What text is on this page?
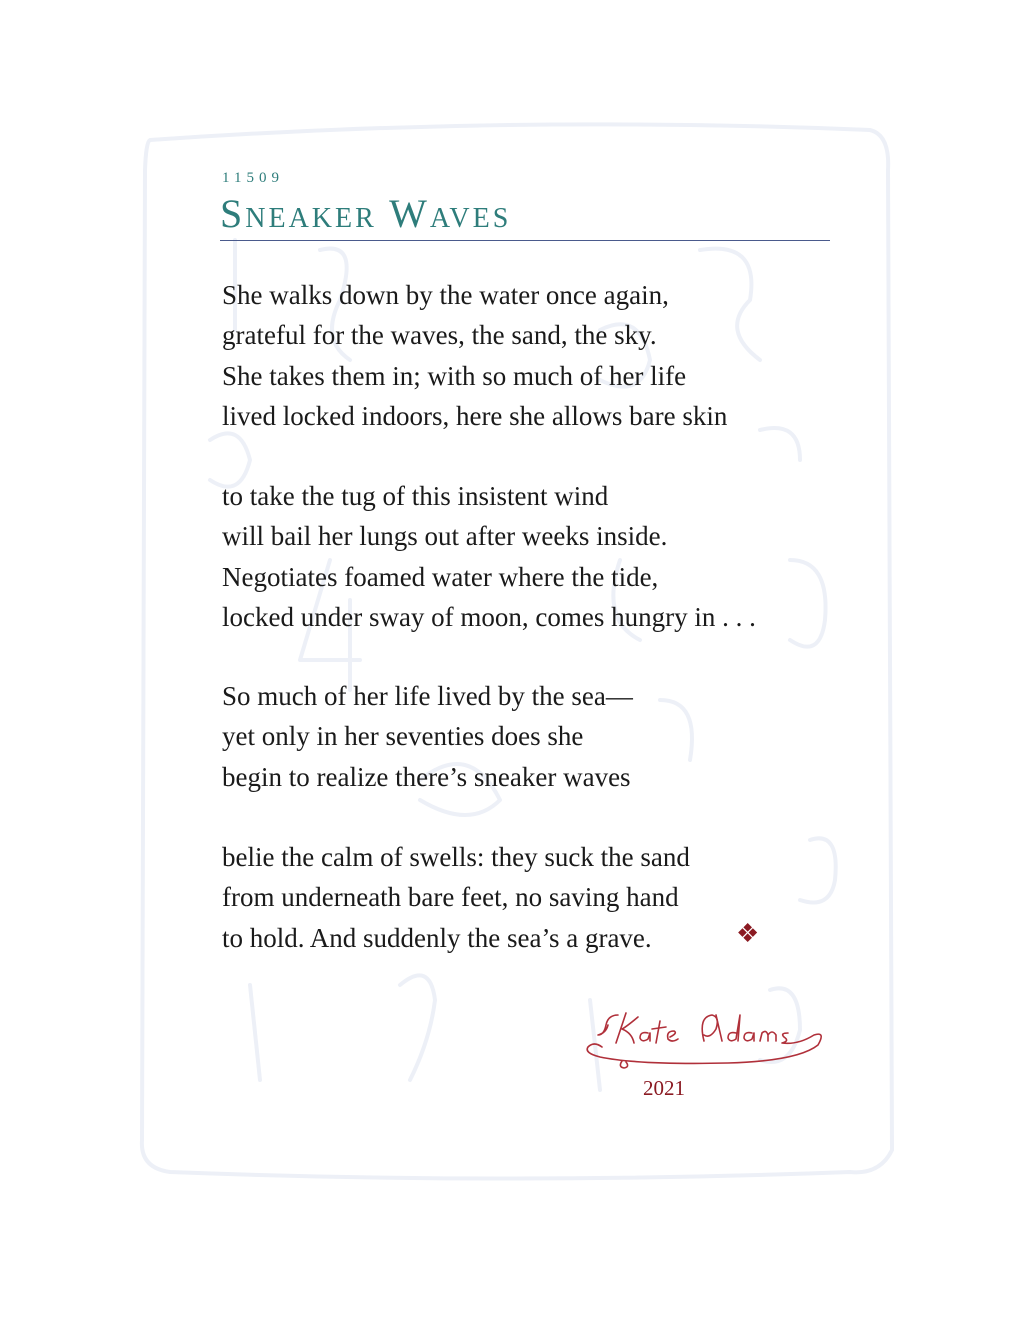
11509
Sneaker Waves

She walks down by the water once again,
grateful for the waves, the sand, the sky.
She takes them in; with so much of her life
lived locked indoors, here she allows bare skin

to take the tug of this insistent wind
will bail her lungs out after weeks inside.
Negotiates foamed water where the tide,
locked under sway of moon, comes hungry in . . .

So much of her life lived by the sea—
yet only in her seventies does she
begin to realize there’s sneaker waves

belie the calm of swells: they suck the sand
from underneath bare feet, no saving hand
to hold. And suddenly the sea’s a grave.	❖
2021
